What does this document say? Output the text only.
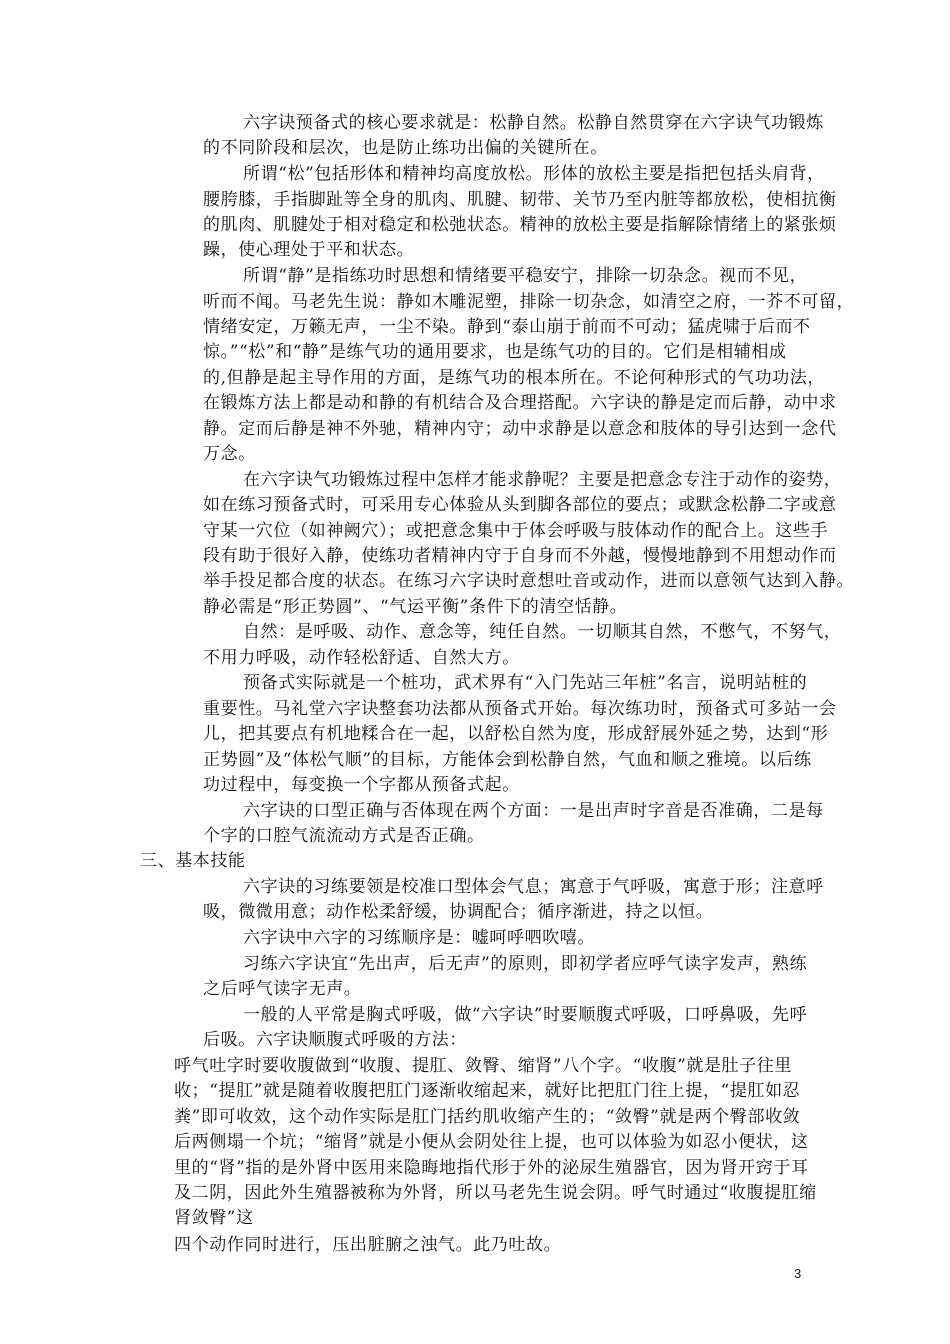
六字诀预备式的核心要求就是：松静自然。松静自然贯穿在六字诀气功锻炼
的不同阶段和层次，也是防止练功出偏的关键所在。
所谓“松”包括形体和精神均高度放松。形体的放松主要是指把包括头肩背，
腰胯膝，手指脚趾等全身的肌肉、肌腱、韧带、关节乃至内脏等都放松，使相抗衡
的肌肉、肌腱处于相对稳定和松弛状态。精神的放松主要是指解除情绪上的紧张烦
躁，使心理处于平和状态。
所谓“静”是指练功时思想和情绪要平稳安宁，排除一切杂念。视而不见，
听而不闻。马老先生说：静如木雕泥塑，排除一切杂念，如清空之府，一芥不可留，
情绪安定，万籁无声，一尘不染。静到“泰山崩于前而不可动；猛虎啸于后而不
惊。”“松”和“静”是练气功的通用要求，也是练气功的目的。它们是相辅相成
的,但静是起主导作用的方面，是练气功的根本所在。不论何种形式的气功功法，
在锻炼方法上都是动和静的有机结合及合理搭配。六字诀的静是定而后静，动中求
静。定而后静是神不外驰，精神内守；动中求静是以意念和肢体的导引达到一念代
万念。
在六字诀气功锻炼过程中怎样才能求静呢？主要是把意念专注于动作的姿势，
如在练习预备式时，可采用专心体验从头到脚各部位的要点；或默念松静二字或意
守某一穴位（如神阙穴）；或把意念集中于体会呼吸与肢体动作的配合上。这些手
段有助于很好入静，使练功者精神内守于自身而不外越，慢慢地静到不用想动作而
举手投足都合度的状态。在练习六字诀时意想吐音或动作，进而以意领气达到入静。
静必需是“形正势圆”、“气运平衡”条件下的清空恬静。
自然：是呼吸、动作、意念等，纯任自然。一切顺其自然，不憋气，不努气，
不用力呼吸，动作轻松舒适、自然大方。
预备式实际就是一个桩功，武术界有“入门先站三年桩”名言，说明站桩的
重要性。马礼堂六字诀整套功法都从预备式开始。每次练功时，预备式可多站一会
儿，把其要点有机地糅合在一起，以舒松自然为度，形成舒展外延之势，达到“形
正势圆”及“体松气顺”的目标，方能体会到松静自然，气血和顺之雅境。以后练
功过程中，每变换一个字都从预备式起。
六字诀的口型正确与否体现在两个方面：一是出声时字音是否准确，二是每
个字的口腔气流流动方式是否正确。
三、基本技能
六字诀的习练要领是校准口型体会气息；寓意于气呼吸，寓意于形；注意呼
吸，微微用意；动作松柔舒缓，协调配合；循序渐进，持之以恒。
六字诀中六字的习练顺序是：嘘呵呼呬吹嘻。
习练六字诀宜“先出声，后无声”的原则，即初学者应呼气读字发声，熟练
之后呼气读字无声。
一般的人平常是胸式呼吸，做“六字诀”时要顺腹式呼吸，口呼鼻吸，先呼
后吸。六字诀顺腹式呼吸的方法：
呼气吐字时要收腹做到“收腹、提肛、敛臀、缩肾”八个字。“收腹”就是肚子往里
收；“提肛”就是随着收腹把肛门逐渐收缩起来，就好比把肛门往上提，“提肛如忍
粪”即可收效，这个动作实际是肛门括约肌收缩产生的；“敛臀”就是两个臀部收敛
后两侧塌一个坑；“缩肾”就是小便从会阴处往上提，也可以体验为如忍小便状，这
里的“肾”指的是外肾中医用来隐晦地指代形于外的泌尿生殖器官，因为肾开窍于耳
及二阴，因此外生殖器被称为外肾，所以马老先生说会阴。呼气时通过“收腹提肛缩
肾敛臀”这
四个动作同时进行，压出脏腑之浊气。此乃吐故。
3
